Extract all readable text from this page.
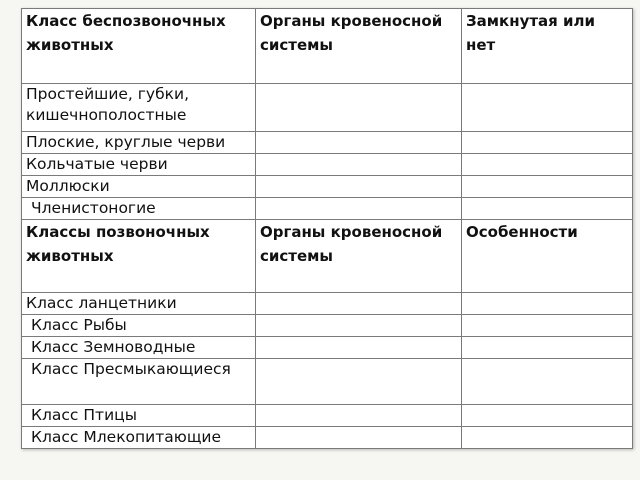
Класс беспозвоночных животных	Органы кровеносной системы	Замкнутая или нет
Простейшие, губки, кишечнополостные		
Плоские, круглые черви		
Кольчатые черви		
Моллюски		
Членистоногие		
Классы позвоночных животных	Органы кровеносной системы	Особенности
Класс ланцетники		
Класс Рыбы		
Класс Земноводные		
Класс Пресмыкающиеся		
Класс Птицы		
Класс Млекопитающие		
